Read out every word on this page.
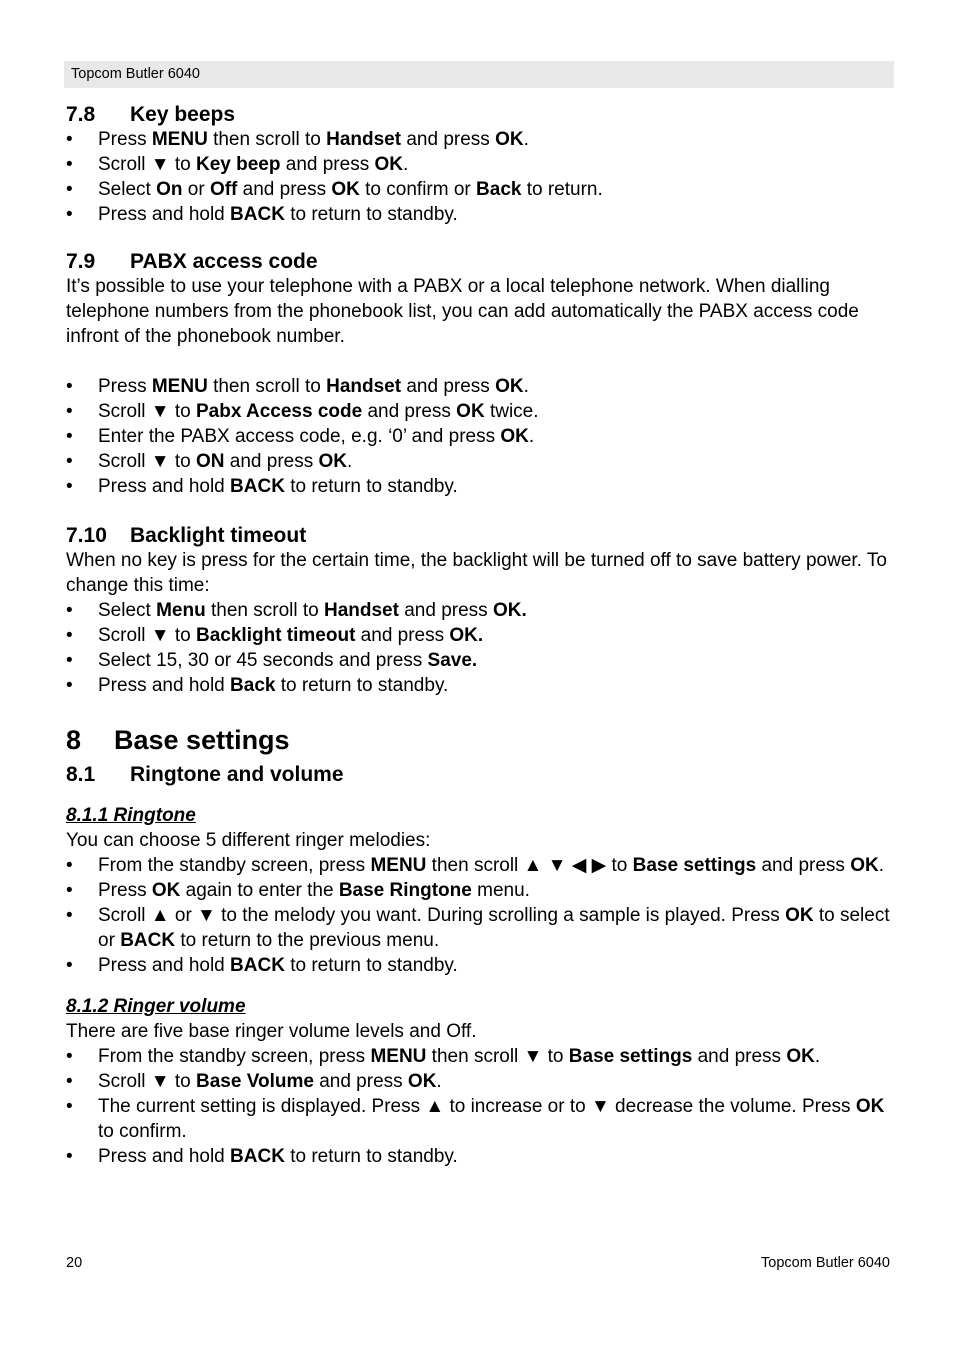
Topcom Butler 6040
7.8	Key beeps
• Press MENU then scroll to Handset and press OK.
• Scroll ▼ to Key beep and press OK.
• Select On or Off and press OK to confirm or Back to return.
• Press and hold BACK to return to standby.
7.9	PABX access code

It’s possible to use your telephone with a PABX or a local telephone network. When dialling telephone numbers from the phonebook list, you can add automatically the PABX access code infront of the phonebook number.

• Press MENU then scroll to Handset and press OK.
• Scroll ▼ to Pabx Access code and press OK twice.
• Enter the PABX access code, e.g. ‘0’ and press OK.
• Scroll ▼ to ON and press OK.
• Press and hold BACK to return to standby.
7.10	Backlight timeout

When no key is press for the certain time, the backlight will be turned off to save battery power. To change this time:

• Select Menu then scroll to Handset and press OK.
• Scroll ▼ to Backlight timeout and press OK.
• Select 15, 30 or 45 seconds and press Save.
• Press and hold Back to return to standby.
8	Base settings
8.1	Ringtone and volume
8.1.1 Ringtone

You can choose 5 different ringer melodies:

• From the standby screen, press MENU then scroll ▲ ▼ ◀ ▶ to Base settings and press OK.
• Press OK again to enter the Base Ringtone menu.
• Scroll ▲ or ▼ to the melody you want. During scrolling a sample is played. Press OK to select or BACK to return to the previous menu.
• Press and hold BACK to return to standby.
8.1.2 Ringer volume

There are five base ringer volume levels and Off.

• From the standby screen, press MENU then scroll ▼ to Base settings and press OK.
• Scroll ▼ to Base Volume and press OK.
• The current setting is displayed. Press ▲ to increase or to ▼ decrease the volume. Press OK to confirm.
• Press and hold BACK to return to standby.
20	Topcom Butler 6040
